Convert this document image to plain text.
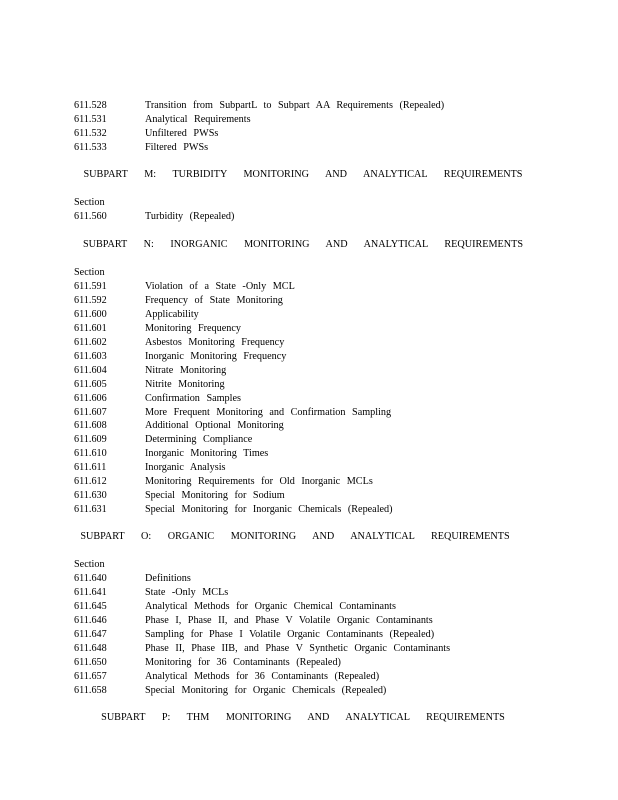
611.528	Transition from SubpartL to Subpart AA Requirements (Repealed)
611.531	Analytical Requirements
611.532	Unfiltered PWSs
611.533	Filtered PWSs
SUBPART M: TURBIDITY MONITORING AND ANALYTICAL REQUIREMENTS
Section
611.560	Turbidity (Repealed)
SUBPART N: INORGANIC MONITORING AND ANALYTICAL REQUIREMENTS
Section
611.591	Violation of a State -Only MCL
611.592	Frequency of State Monitoring
611.600	Applicability
611.601	Monitoring Frequency
611.602	Asbestos Monitoring Frequency
611.603	Inorganic Monitoring Frequency
611.604	Nitrate Monitoring
611.605	Nitrite Monitoring
611.606	Confirmation Samples
611.607	More Frequent Monitoring and Confirmation Sampling
611.608	Additional Optional Monitoring
611.609	Determining Compliance
611.610	Inorganic Monitoring Times
611.611	Inorganic Analysis
611.612	Monitoring Requirements for Old Inorganic MCLs
611.630	Special Monitoring for Sodium
611.631	Special Monitoring for Inorganic Chemicals (Repealed)
SUBPART O: ORGANIC MONITORING AND ANALYTICAL REQUIREMENTS
Section
611.640	Definitions
611.641	State -Only MCLs
611.645	Analytical Methods for Organic Chemical Contaminants
611.646	Phase I, Phase II, and Phase V Volatile Organic Contaminants
611.647	Sampling for Phase I Volatile Organic Contaminants (Repealed)
611.648	Phase II, Phase IIB, and Phase V Synthetic Organic Contaminants
611.650	Monitoring for 36 Contaminants (Repealed)
611.657	Analytical Methods for 36 Contaminants (Repealed)
611.658	Special Monitoring for Organic Chemicals (Repealed)
SUBPART P: THM MONITORING AND ANALYTICAL REQUIREMENTS
